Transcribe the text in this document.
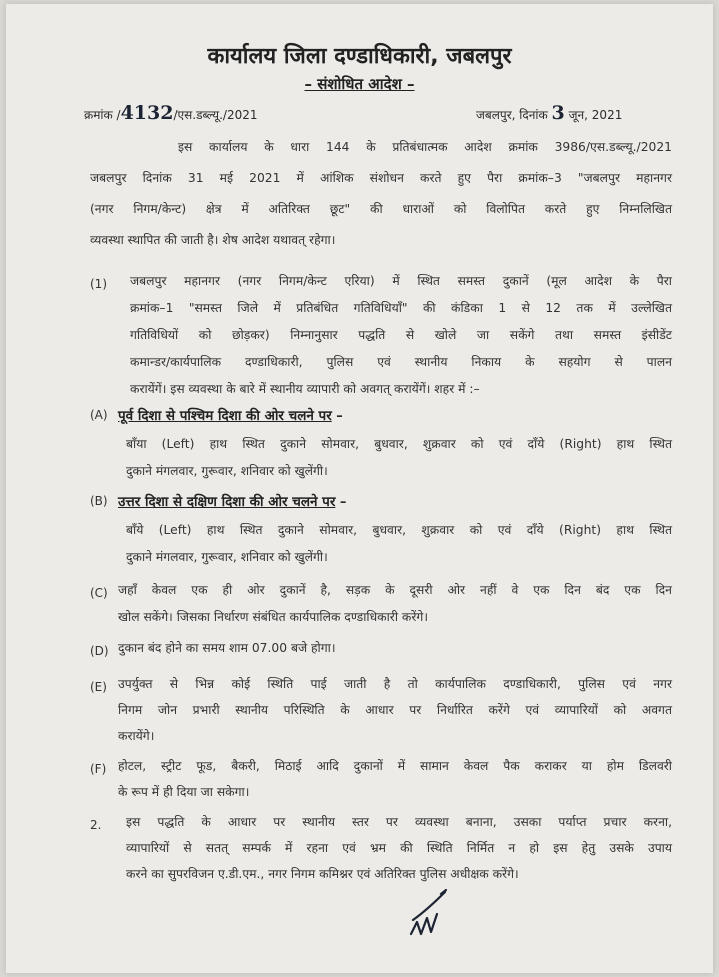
कार्यालय जिला दण्डाधिकारी, जबलपुर
– संशोधित आदेश –
क्रमांक /4132/एस.डब्ल्यू./2021	जबलपुर, दिनांक 3 जून, 2021
इस कार्यालय के धारा 144 के प्रतिबंधात्मक आदेश क्रमांक 3986/एस.डब्ल्यू./2021
जबलपुर दिनांक 31 मई 2021 में आंशिक संशोधन करते हुए पैरा क्रमांक–3 "जबलपुर महानगर
(नगर निगम/केन्ट) क्षेत्र में अतिरिक्त छूट" की धाराओं को विलोपित करते हुए निम्नलिखित
व्यवस्था स्थापित की जाती है। शेष आदेश यथावत् रहेगा।
(1) जबलपुर महानगर (नगर निगम/केन्ट एरिया) में स्थित समस्त दुकानें (मूल आदेश के पैरा
क्रमांक–1 "समस्त जिले में प्रतिबंधित गतिविधियाँ" की कंडिका 1 से 12 तक में उल्लेखित
गतिविधियों को छोड़कर) निम्नानुसार पद्धति से खोले जा सकेंगे तथा समस्त इंसीडेंट
कमान्डर/कार्यपालिक दण्डाधिकारी, पुलिस एवं स्थानीय निकाय के सहयोग से पालन
करायेंगें। इस व्यवस्था के बारे में स्थानीय व्यापारी को अवगत् करायेंगें। शहर में :–
(A) पूर्व दिशा से पश्चिम दिशा की ओर चलने पर –
बाँया (Left) हाथ स्थित दुकाने सोमवार, बुधवार, शुक्रवार को एवं दाँये (Right) हाथ स्थित
दुकाने मंगलवार, गुरूवार, शनिवार को खुलेंगी।
(B) उत्तर दिशा से दक्षिण दिशा की ओर चलने पर –
बाँये (Left) हाथ स्थित दुकाने सोमवार, बुधवार, शुक्रवार को एवं दाँये (Right) हाथ स्थित
दुकाने मंगलवार, गुरूवार, शनिवार को खुलेंगी।
(C) जहाँ केवल एक ही ओर दुकानें है, सड़क के दूसरी ओर नहीं वे एक दिन बंद एक दिन
खोल सकेंगे। जिसका निर्धारण संबंधित कार्यपालिक दण्डाधिकारी करेंगे।
(D) दुकान बंद होने का समय शाम 07.00 बजे होगा।
(E) उपर्युक्त से भिन्न कोई स्थिति पाई जाती है तो कार्यपालिक दण्डाधिकारी, पुलिस एवं नगर
निगम जोन प्रभारी स्थानीय परिस्थिति के आधार पर निर्धारित करेंगे एवं व्यापारियों को अवगत
करायेंगे।
(F) होटल, स्ट्रीट फूड, बैकरी, मिठाई आदि दुकानों में सामान केवल पैक कराकर या होम डिलवरी
के रूप में ही दिया जा सकेगा।
2. इस पद्धति के आधार पर स्थानीय स्तर पर व्यवस्था बनाना, उसका पर्याप्त प्रचार करना,
व्यापारियों से सतत् सम्पर्क में रहना एवं भ्रम की स्थिति निर्मित न हो इस हेतु उसके उपाय
करने का सुपरविजन ए.डी.एम., नगर निगम कमिश्नर एवं अतिरिक्त पुलिस अधीक्षक करेंगे।
